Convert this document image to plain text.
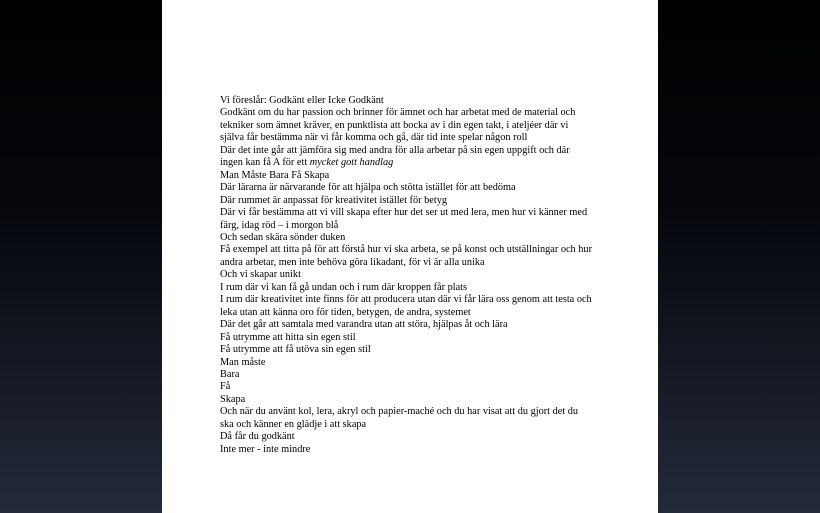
Vi föreslår: Godkänt eller Icke Godkänt

Godkänt om du har passion och brinner för ämnet och har arbetat med de material och tekniker som ämnet kräver, en punktlista att bocka av i din egen takt, i ateljéer där vi själva får bestämma när vi får komma och gå, där tid inte spelar någon roll

Där det inte går att jämföra sig med andra för alla arbetar på sin egen uppgift och där ingen kan få A för ett mycket gott handlag

Man Måste Bara Få Skapa

Där lärarna är närvarande för att hjälpa och stötta istället för att bedöma

Där rummet är anpassat för kreativitet istället för betyg

Där vi får bestämma att vi vill skapa efter hur det ser ut med lera, men hur vi känner med färg, idag röd – i morgon blå

Och sedan skära sönder duken

Få exempel att titta på för att förstå hur vi ska arbeta, se på konst och utställningar och hur andra arbetar, men inte behöva göra likadant, för vi är alla unika

Och vi skapar unikt

I rum där vi kan få gå undan och i rum där kroppen får plats

I rum där kreativitet inte finns för att producera utan där vi får lära oss genom att testa och leka utan att känna oro för tiden, betygen, de andra, systemet

Där det går att samtala med varandra utan att störa, hjälpas åt och lära

Få utrymme att hitta sin egen stil

Få utrymme att få utöva sin egen stil

Man måste

Bara

Få

Skapa

Och när du använt kol, lera, akryl och papier-maché och du har visat att du gjort det du ska och känner en glädje i att skapa

Då får du godkänt

Inte mer - inte mindre
